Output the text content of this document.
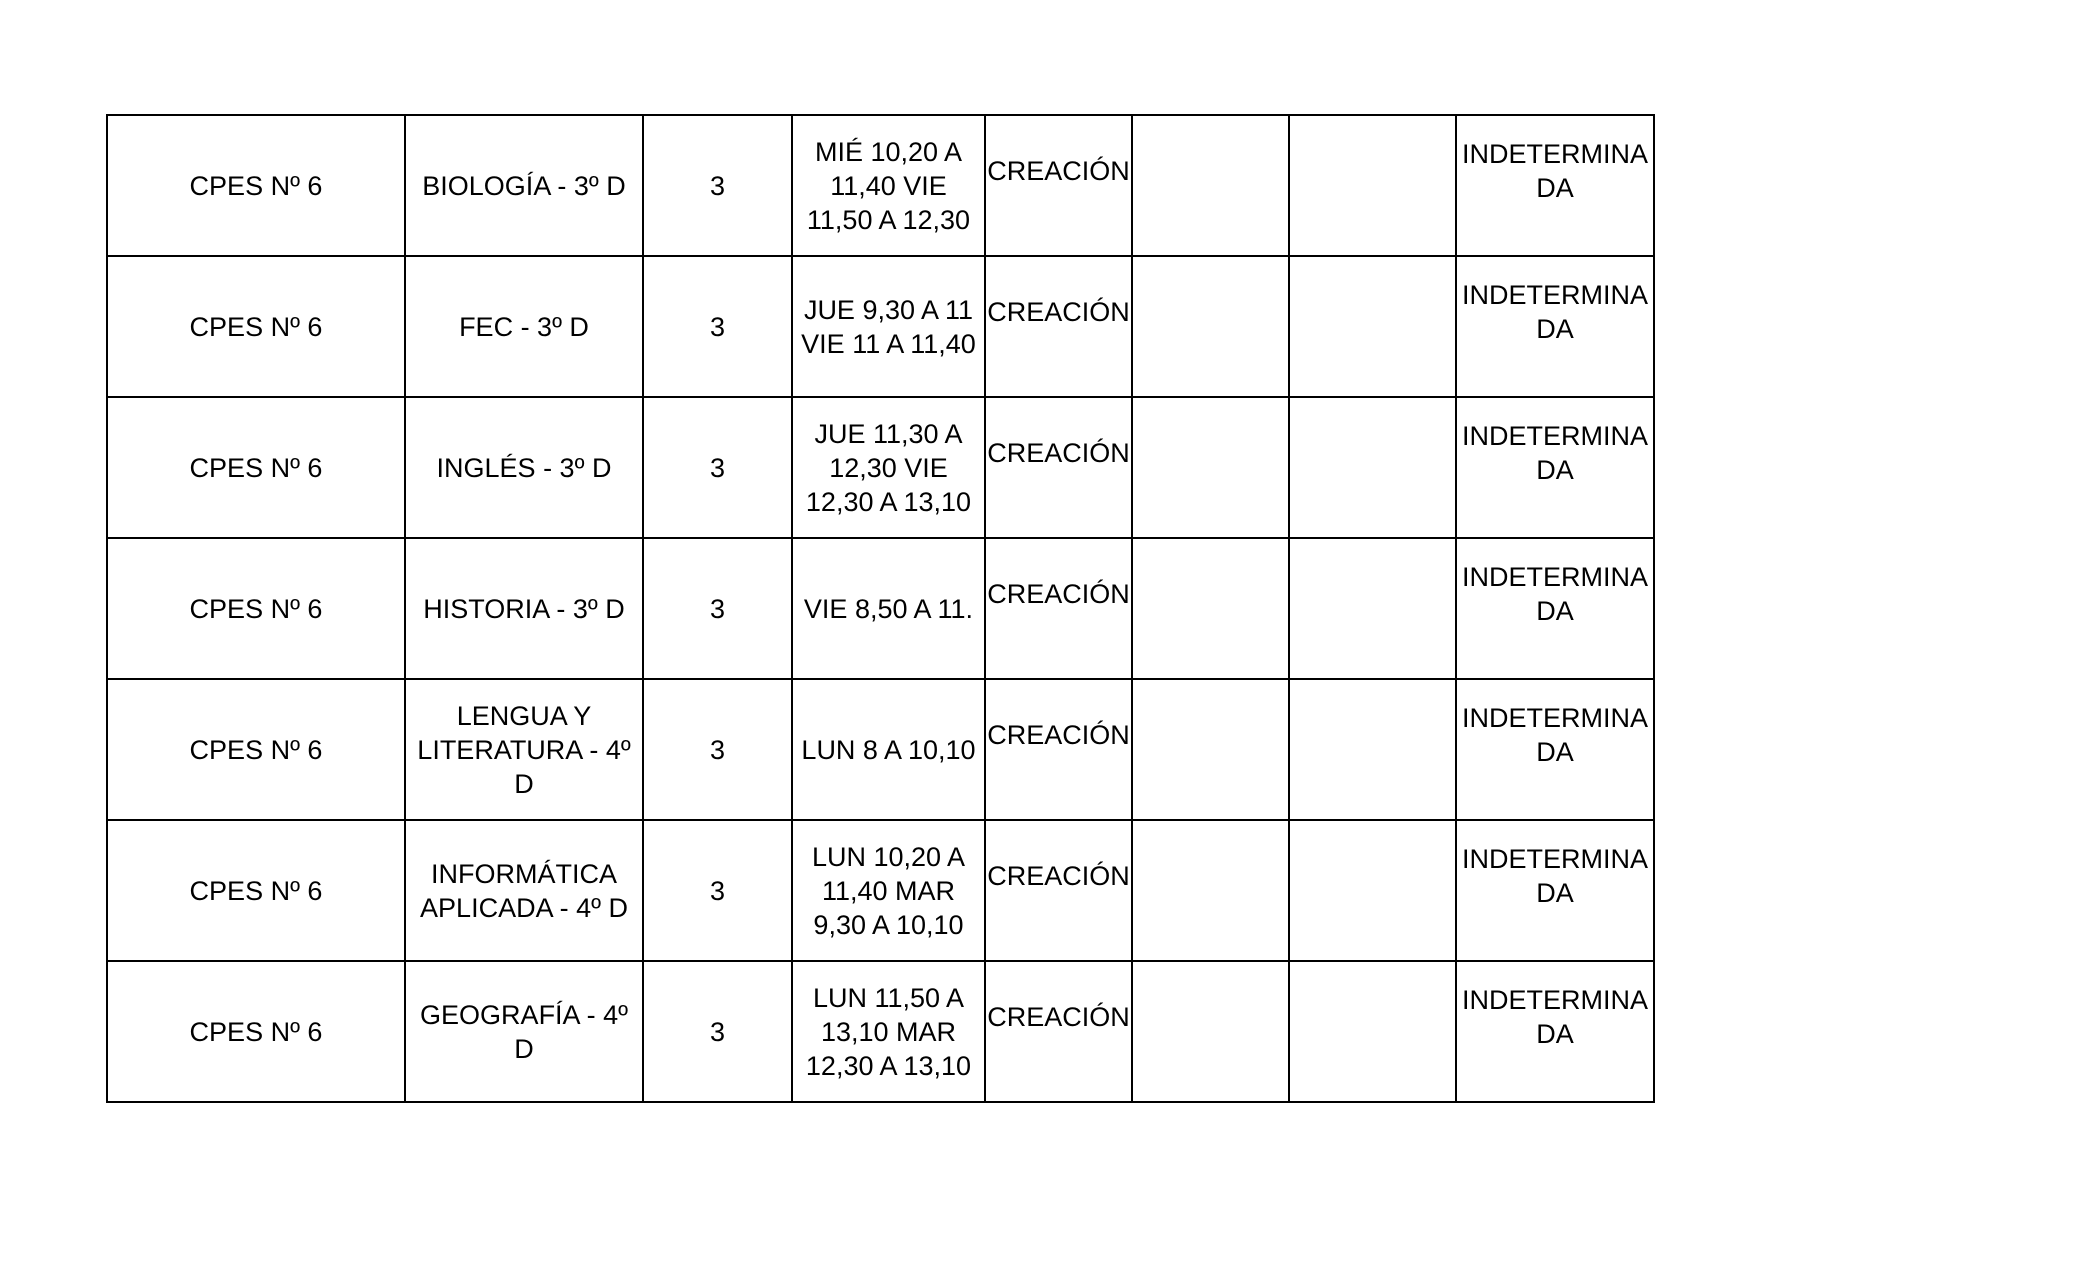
CPES Nº 6	BIOLOGÍA - 3º D	3	MIÉ 10,20 A 11,40 VIE 11,50 A 12,30	CREACIÓN			INDETERMINADA

CPES Nº 6	FEC - 3º D	3	JUE 9,30 A 11 VIE 11 A 11,40	CREACIÓN			INDETERMINADA

CPES Nº 6	INGLÉS - 3º D	3	JUE 11,30 A 12,30 VIE 12,30 A 13,10	CREACIÓN			INDETERMINADA

CPES Nº 6	HISTORIA - 3º D	3	VIE 8,50 A 11.	CREACIÓN			INDETERMINADA

CPES Nº 6	LENGUA Y LITERATURA - 4º D	3	LUN 8 A 10,10	CREACIÓN			INDETERMINADA

CPES Nº 6	INFORMÁTICA APLICADA - 4º D	3	LUN 10,20 A 11,40 MAR 9,30 A 10,10	CREACIÓN			INDETERMINADA

CPES Nº 6	GEOGRAFÍA - 4º D	3	LUN 11,50 A 13,10 MAR 12,30 A 13,10	CREACIÓN			INDETERMINADA
